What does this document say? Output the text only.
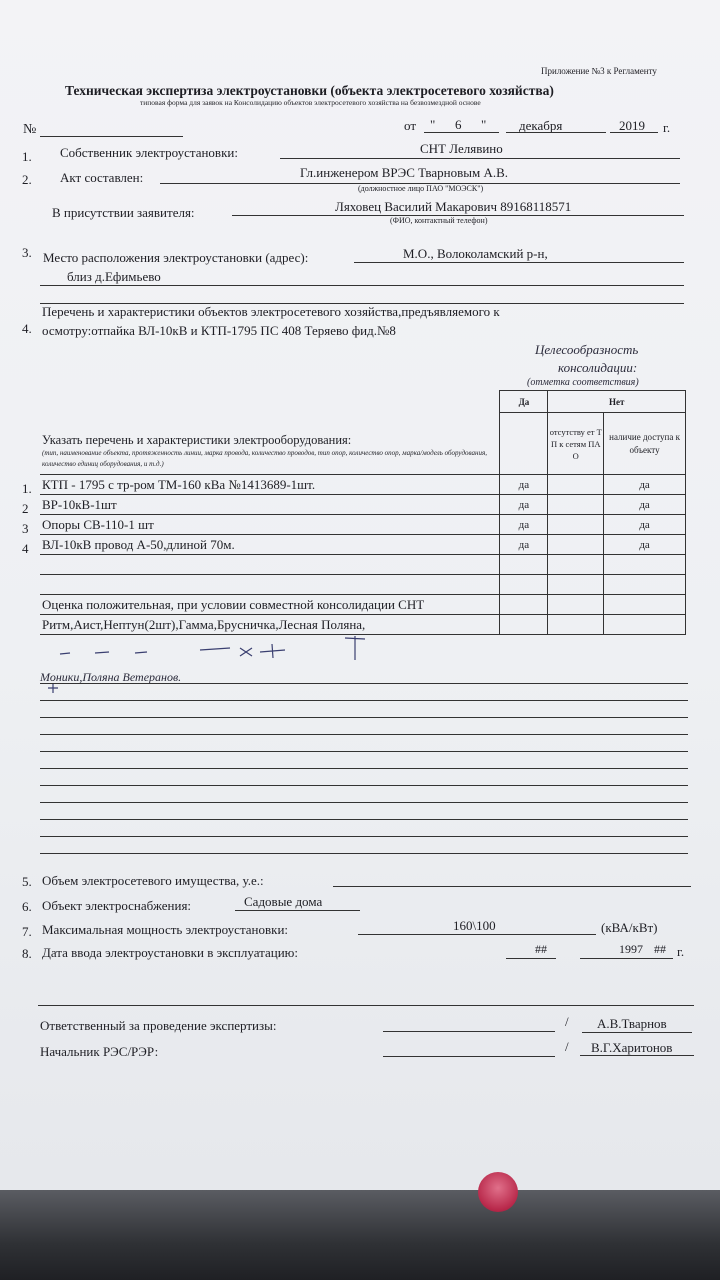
Приложение №3 к Регламенту
Техническая экспертиза электроустановки (объекта электросетевого хозяйства)
типовая форма для заявок на Консолидацию объектов электросетевого хозяйства на безвозмездной основе
№	от " 6 "	декабря	2019 г.
1. Собственник электроустановки:	СНТ Лелявино
2. Акт составлен:	Гл.инженером ВРЭС Тварновым А.В.
(должностное лицо ПАО "МОЭСК")
В присутствии заявителя:	Ляховец Василий Макарович 89168118571
(ФИО, контактный телефон)
3. Место расположения электроустановки (адрес):	М.О., Волоколамский р-н,
близ д.Ефимьево
4.
Перечень и характеристики объектов электросетевого хозяйства,предъявляемого к
осмотру:отпайка ВЛ-10кВ и КТП-1795 ПС 408 Теряево фид.№8
Целесообразность
консолидации:
(отметка соответствия)
Указать перечень и характеристики электрооборудования:
(тип, наименование объекта, протяженность линии, марка провода, количество проводов, тип опор, количество опор, марка/модель оборудования, количество единиц оборудования, и т.д.)	Да	Нет	
		отсутству ет ТП к сетям ПАО	наличие доступа к объекту
КТП - 1795 с тр-ром ТМ-160 кВа №1413689-1шт.	да		да
ВР-10кВ-1шт	да		да
Опоры СВ-110-1 шт	да		да
ВЛ-10кВ провод А-50,длиной 70м.	да		да

Оценка положительная, при условии совместной консолидации СНТ			
Ритм,Аист,Нептун(2шт),Гамма,Брусничка,Лесная Поляна,			
1.
2
3
4
Моники,Поляна Ветеранов.
5. Объем электросетевого имущества, у.е.:
6. Объект электроснабжения:	Садовые дома
7. Максимальная мощность электроустановки:	160\100	(кВА/кВт)
8. Дата ввода электроустановки в эксплуатацию:	##	1997 ## г.
Ответственный за проведение экспертизы:	/ А.В.Тварнов
Начальник РЭС/РЭР:	/ В.Г.Харитонов
